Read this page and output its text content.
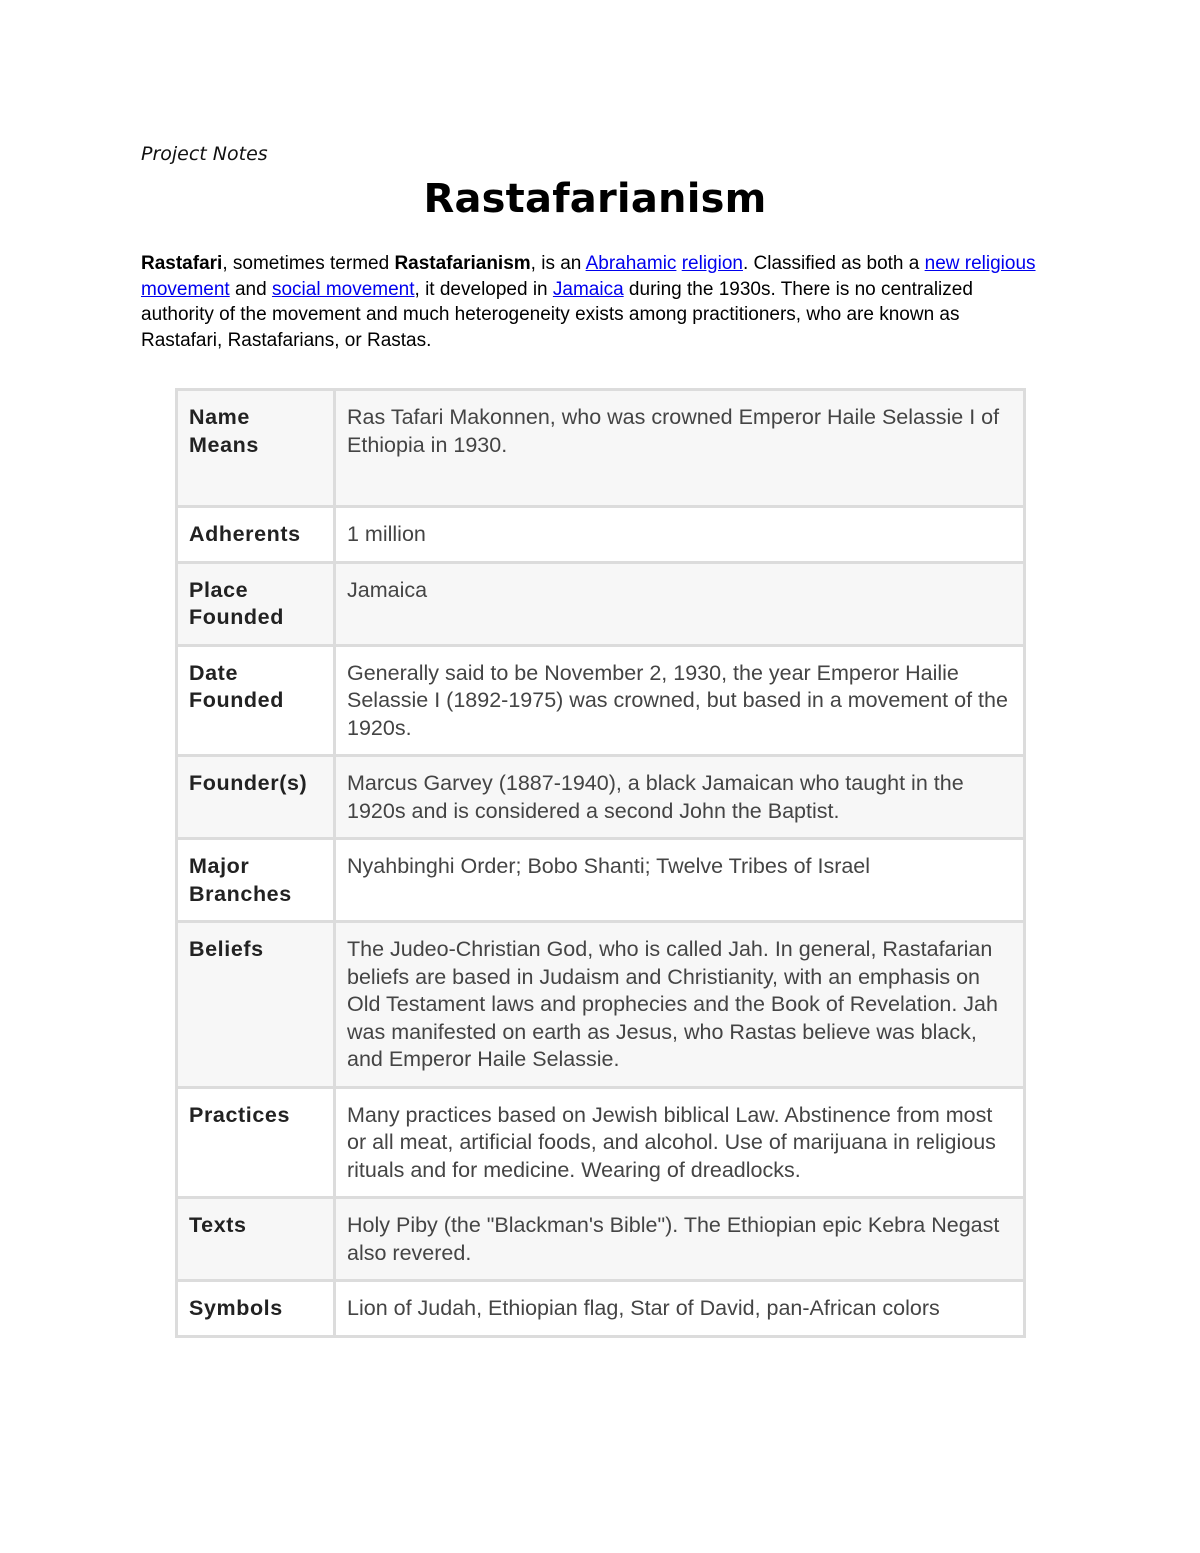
Project Notes
Rastafarianism

Rastafari, sometimes termed Rastafarianism, is an Abrahamic religion. Classified as both a new religious movement and social movement, it developed in Jamaica during the 1930s. There is no centralized authority of the movement and much heterogeneity exists among practitioners, who are known as Rastafari, Rastafarians, or Rastas.

Name Means	Ras Tafari Makonnen, who was crowned Emperor Haile Selassie I of Ethiopia in 1930.
Adherents	1 million
Place Founded	Jamaica
Date Founded	Generally said to be November 2, 1930, the year Emperor Hailie Selassie I (1892-1975) was crowned, but based in a movement of the 1920s.
Founder(s)	Marcus Garvey (1887-1940), a black Jamaican who taught in the 1920s and is considered a second John the Baptist.
Major Branches	Nyahbinghi Order; Bobo Shanti; Twelve Tribes of Israel
Beliefs	The Judeo-Christian God, who is called Jah. In general, Rastafarian beliefs are based in Judaism and Christianity, with an emphasis on Old Testament laws and prophecies and the Book of Revelation. Jah was manifested on earth as Jesus, who Rastas believe was black, and Emperor Haile Selassie.
Practices	Many practices based on Jewish biblical Law. Abstinence from most or all meat, artificial foods, and alcohol. Use of marijuana in religious rituals and for medicine. Wearing of dreadlocks.
Texts	Holy Piby (the "Blackman's Bible"). The Ethiopian epic Kebra Negast also revered.
Symbols	Lion of Judah, Ethiopian flag, Star of David, pan-African colors
